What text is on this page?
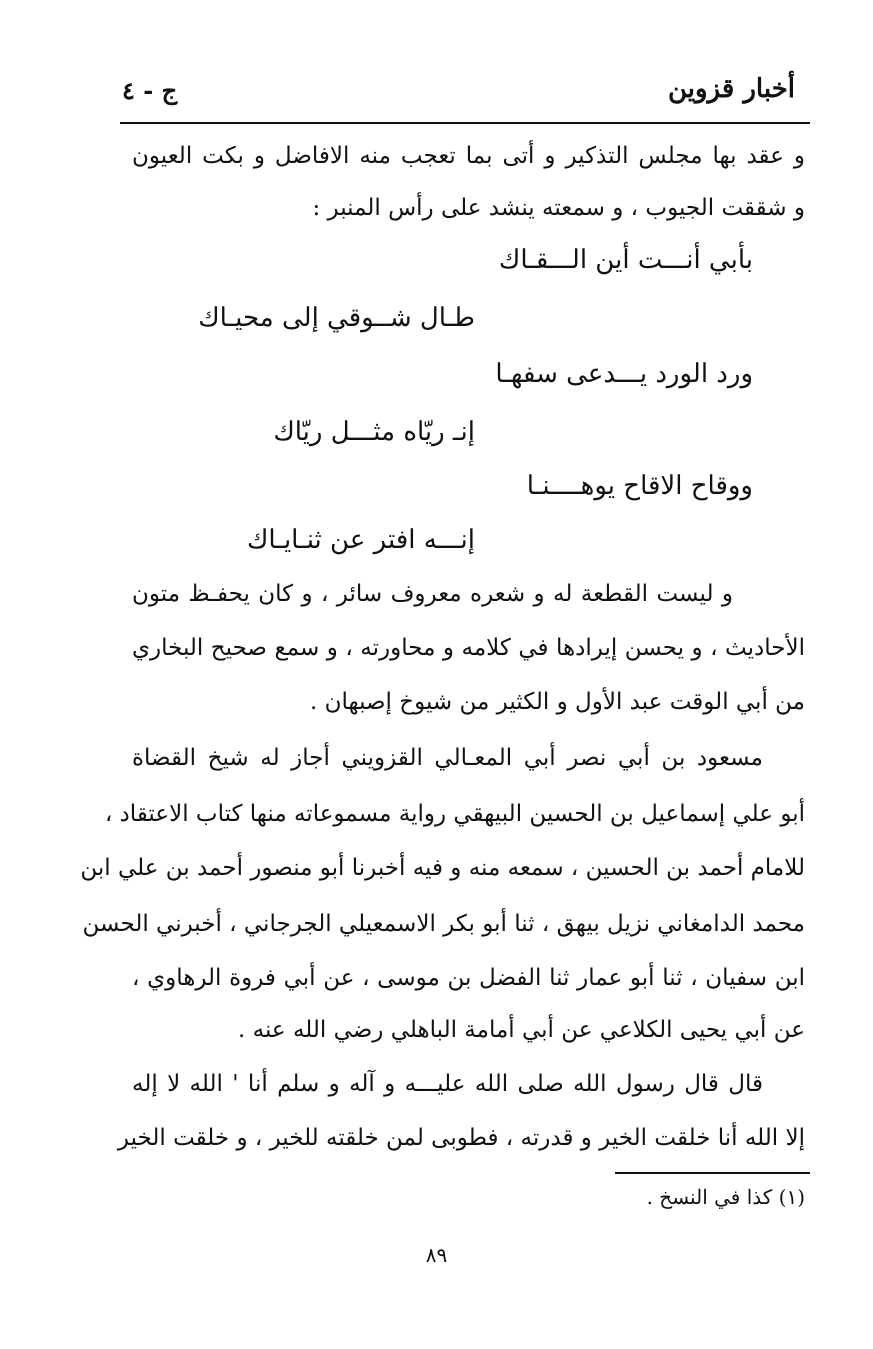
أخبار قزوين
ج - ٤
و عقد بها مجلس التذكير و أتى بما تعجب منه الافاضل و بكت العيون
و شققت الجيوب ، و سمعته ينشد على رأس المنبر :
بأبي أنـــت أين الـــقـاك
طـال شــوقي إلى محيـاك
ورد الورد يـــدعى سفهـا
إنـ ريّاه مثـــل ريّاك
ووقاح الاقاح يوهــــنـا
إنـــه افتر عن ثنـايـاك
و ليست القطعة له و شعره معروف سائر ، و كان يحفـظ متون
الأحاديث ، و يحسن إيرادها في كلامه و محاورته ، و سمع صحيح البخاري
من أبي الوقت عبد الأول و الكثير من شيوخ إصبهان .
مسعود بن أبي نصر أبي المعـالي القزويني أجاز له شيخ القضاة
أبو علي إسماعيل بن الحسين البيهقي رواية مسموعاته منها كتاب الاعتقاد ،
للامام أحمد بن الحسين ، سمعه منه و فيه أخبرنا أبو منصور أحمد بن علي ابن
محمد الدامغاني نزيل بيهق ، ثنا أبو بكر الاسمعيلي الجرجاني ، أخبرني الحسن
ابن سفيان ، ثنا أبو عمار ثنا الفضل بن موسى ، عن أبي فروة الرهاوي ،
عن أبي يحيى الكلاعي عن أبي أمامة الباهلي رضي الله عنه .
قال قال رسول الله صلى الله عليـــه و آله و سلم أنا ' الله لا إله
إلا الله أنا خلقت الخير و قدرته ، فطوبى لمن خلقته للخير ، و خلقت الخير
(١) كذا في النسخ .
٨٩
